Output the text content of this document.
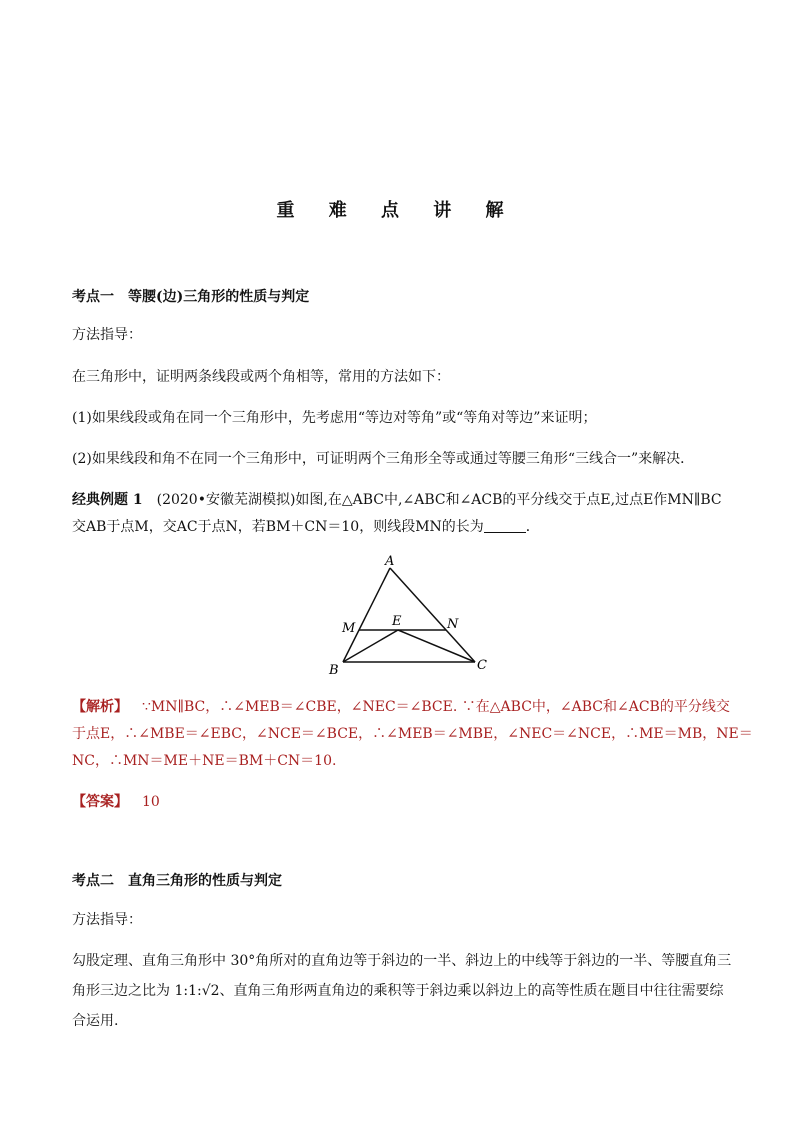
重 难 点 讲 解
考点一 等腰(边)三角形的性质与判定
方法指导：
在三角形中，证明两条线段或两个角相等，常用的方法如下：
(1)如果线段或角在同一个三角形中，先考虑用“等边对等角”或“等角对等边”来证明；
(2)如果线段和角不在同一个三角形中，可证明两个三角形全等或通过等腰三角形“三线合一”来解决．
经典例题 1 (2020•安徽芜湖模拟)如图,在△ABC中,∠ABC和∠ACB的平分线交于点E,过点E作MN∥BC
交AB于点M，交AC于点N，若BM＋CN＝10，则线段MN的长为	．
A
M	E	N
B	C
【解析】 ∵MN∥BC，∴∠MEB＝∠CBE，∠NEC＝∠BCE. ∵在△ABC中，∠ABC和∠ACB的平分线交
于点E，∴∠MBE＝∠EBC，∠NCE＝∠BCE，∴∠MEB＝∠MBE，∠NEC＝∠NCE，∴ME＝MB，NE＝
NC，∴MN＝ME＋NE＝BM＋CN＝10.
【答案】 10
考点二 直角三角形的性质与判定
方法指导：
勾股定理、直角三角形中 30°角所对的直角边等于斜边的一半、斜边上的中线等于斜边的一半、等腰直角三
角形三边之比为 1:1:√2、直角三角形两直角边的乘积等于斜边乘以斜边上的高等性质在题目中往往需要综
合运用.
